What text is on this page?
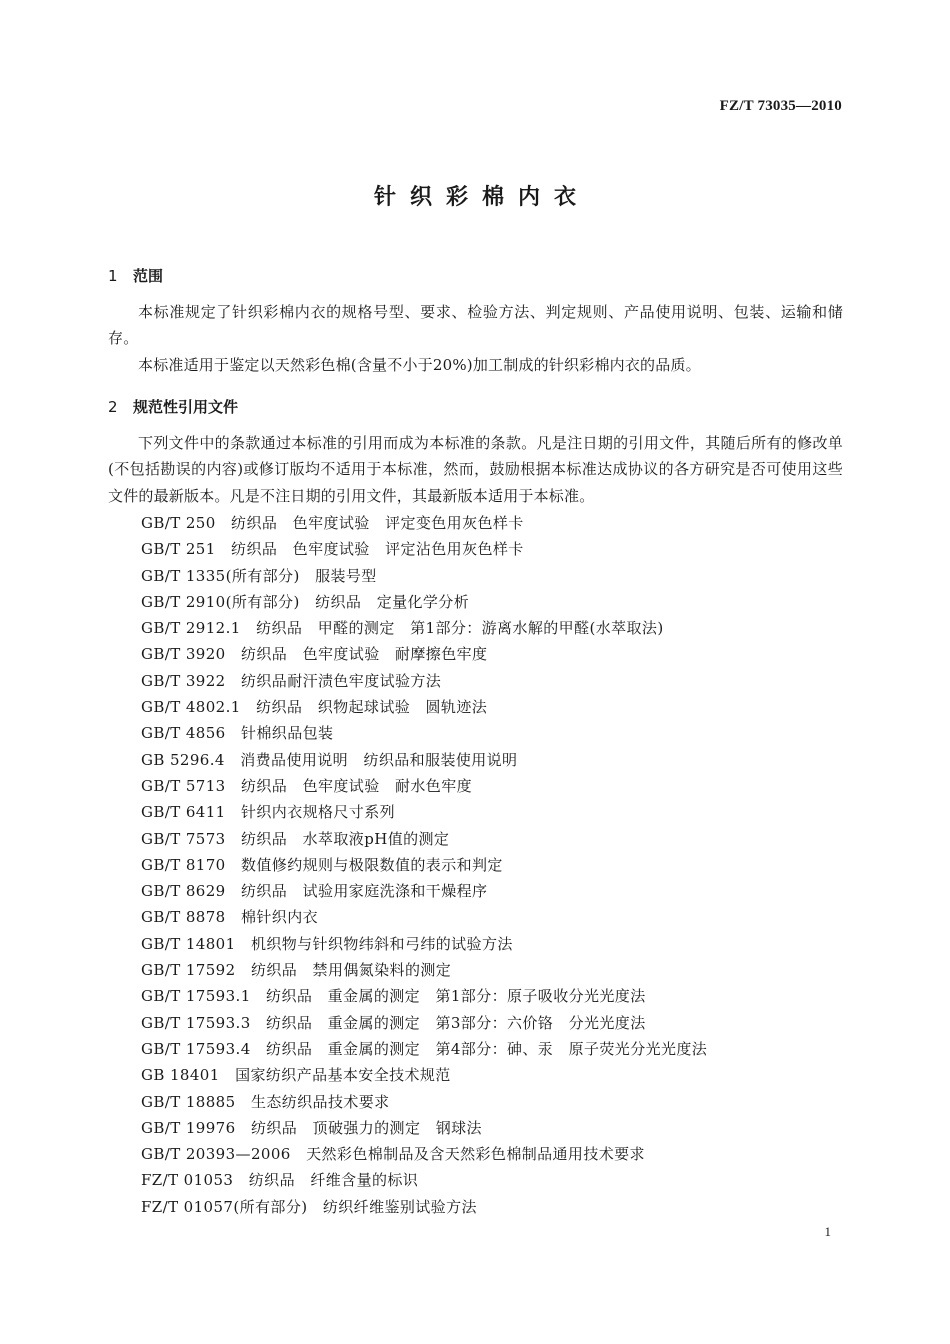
FZ/T 73035—2010
针织彩棉内衣
1 范围
本标准规定了针织彩棉内衣的规格号型、要求、检验方法、判定规则、产品使用说明、包装、运输和储存。
本标准适用于鉴定以天然彩色棉(含量不小于20%)加工制成的针织彩棉内衣的品质。
2 规范性引用文件
下列文件中的条款通过本标准的引用而成为本标准的条款。凡是注日期的引用文件，其随后所有的修改单(不包括勘误的内容)或修订版均不适用于本标准，然而，鼓励根据本标准达成协议的各方研究是否可使用这些文件的最新版本。凡是不注日期的引用文件，其最新版本适用于本标准。
GB/T 250　纺织品　色牢度试验　评定变色用灰色样卡
GB/T 251　纺织品　色牢度试验　评定沾色用灰色样卡
GB/T 1335(所有部分)　服装号型
GB/T 2910(所有部分)　纺织品　定量化学分析
GB/T 2912.1　纺织品　甲醛的测定　第1部分：游离水解的甲醛(水萃取法)
GB/T 3920　纺织品　色牢度试验　耐摩擦色牢度
GB/T 3922　纺织品耐汗渍色牢度试验方法
GB/T 4802.1　纺织品　织物起球试验　圆轨迹法
GB/T 4856　针棉织品包装
GB 5296.4　消费品使用说明　纺织品和服装使用说明
GB/T 5713　纺织品　色牢度试验　耐水色牢度
GB/T 6411　针织内衣规格尺寸系列
GB/T 7573　纺织品　水萃取液pH值的测定
GB/T 8170　数值修约规则与极限数值的表示和判定
GB/T 8629　纺织品　试验用家庭洗涤和干燥程序
GB/T 8878　棉针织内衣
GB/T 14801　机织物与针织物纬斜和弓纬的试验方法
GB/T 17592　纺织品　禁用偶氮染料的测定
GB/T 17593.1　纺织品　重金属的测定　第1部分：原子吸收分光光度法
GB/T 17593.3　纺织品　重金属的测定　第3部分：六价铬　分光光度法
GB/T 17593.4　纺织品　重金属的测定　第4部分：砷、汞　原子荧光分光光度法
GB 18401　国家纺织产品基本安全技术规范
GB/T 18885　生态纺织品技术要求
GB/T 19976　纺织品　顶破强力的测定　钢球法
GB/T 20393—2006　天然彩色棉制品及含天然彩色棉制品通用技术要求
FZ/T 01053　纺织品　纤维含量的标识
FZ/T 01057(所有部分)　纺织纤维鉴别试验方法
1
